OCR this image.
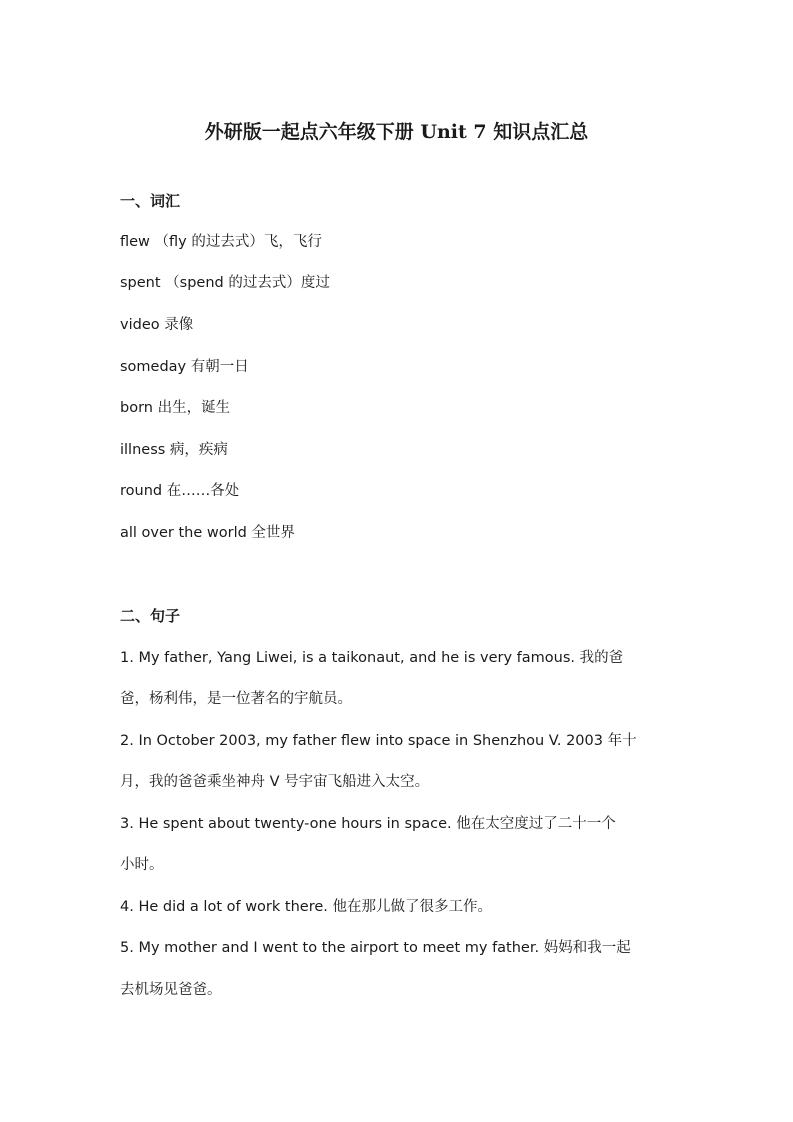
外研版一起点六年级下册 Unit 7 知识点汇总
一、词汇

flew （fly 的过去式）飞，飞行

spent （spend 的过去式）度过

video 录像

someday 有朝一日

born 出生，诞生

illness 病，疾病

round 在……各处

all over the world 全世界

二、句子

1. My father, Yang Liwei, is a taikonaut, and he is very famous. 我的爸

爸，杨利伟，是一位著名的宇航员。

2. In October 2003, my father flew into space in Shenzhou V. 2003 年十

月，我的爸爸乘坐神舟 V 号宇宙飞船进入太空。

3. He spent about twenty-one hours in space. 他在太空度过了二十一个

小时。

4. He did a lot of work there. 他在那儿做了很多工作。

5. My mother and I went to the airport to meet my father. 妈妈和我一起

去机场见爸爸。
